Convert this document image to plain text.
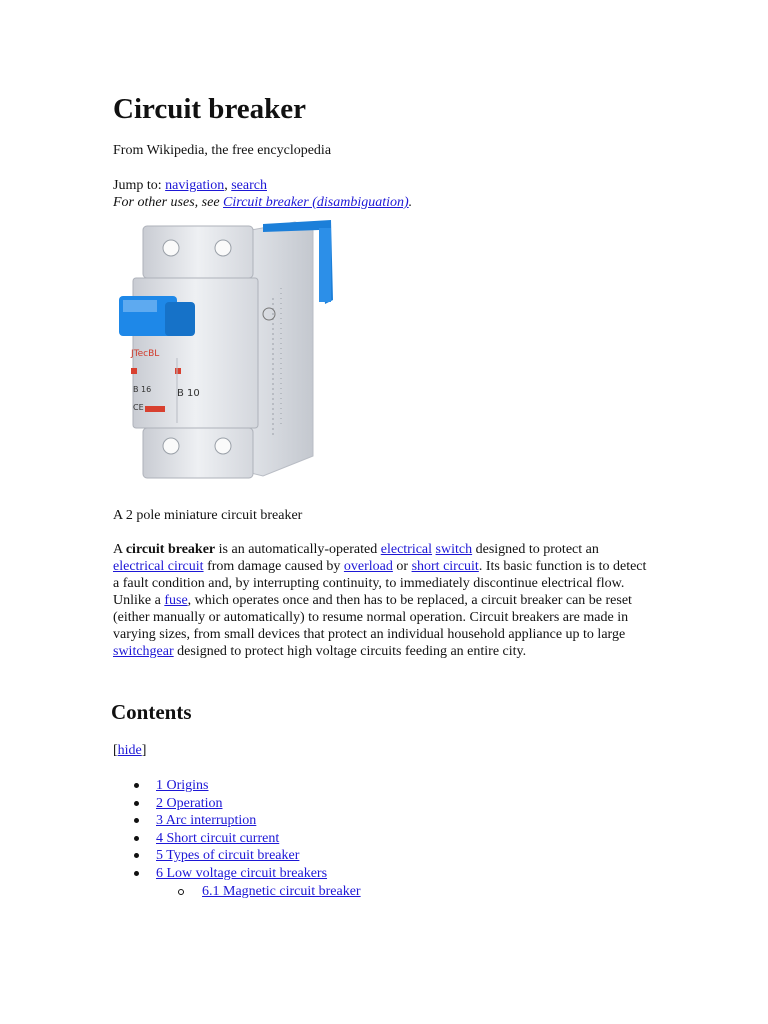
Circuit breaker

From Wikipedia, the free encyclopedia

Jump to: navigation, search

For other uses, see Circuit breaker (disambiguation).

JTecBL
B 16	B 10
CE

A 2 pole miniature circuit breaker

A circuit breaker is an automatically-operated electrical switch designed to protect an electrical circuit from damage caused by overload or short circuit. Its basic function is to detect a fault condition and, by interrupting continuity, to immediately discontinue electrical flow. Unlike a fuse, which operates once and then has to be replaced, a circuit breaker can be reset (either manually or automatically) to resume normal operation. Circuit breakers are made in varying sizes, from small devices that protect an individual household appliance up to large switchgear designed to protect high voltage circuits feeding an entire city.

Contents

[hide]

1 Origins
2 Operation
3 Arc interruption
4 Short circuit current
5 Types of circuit breaker
6 Low voltage circuit breakers
6.1 Magnetic circuit breaker
